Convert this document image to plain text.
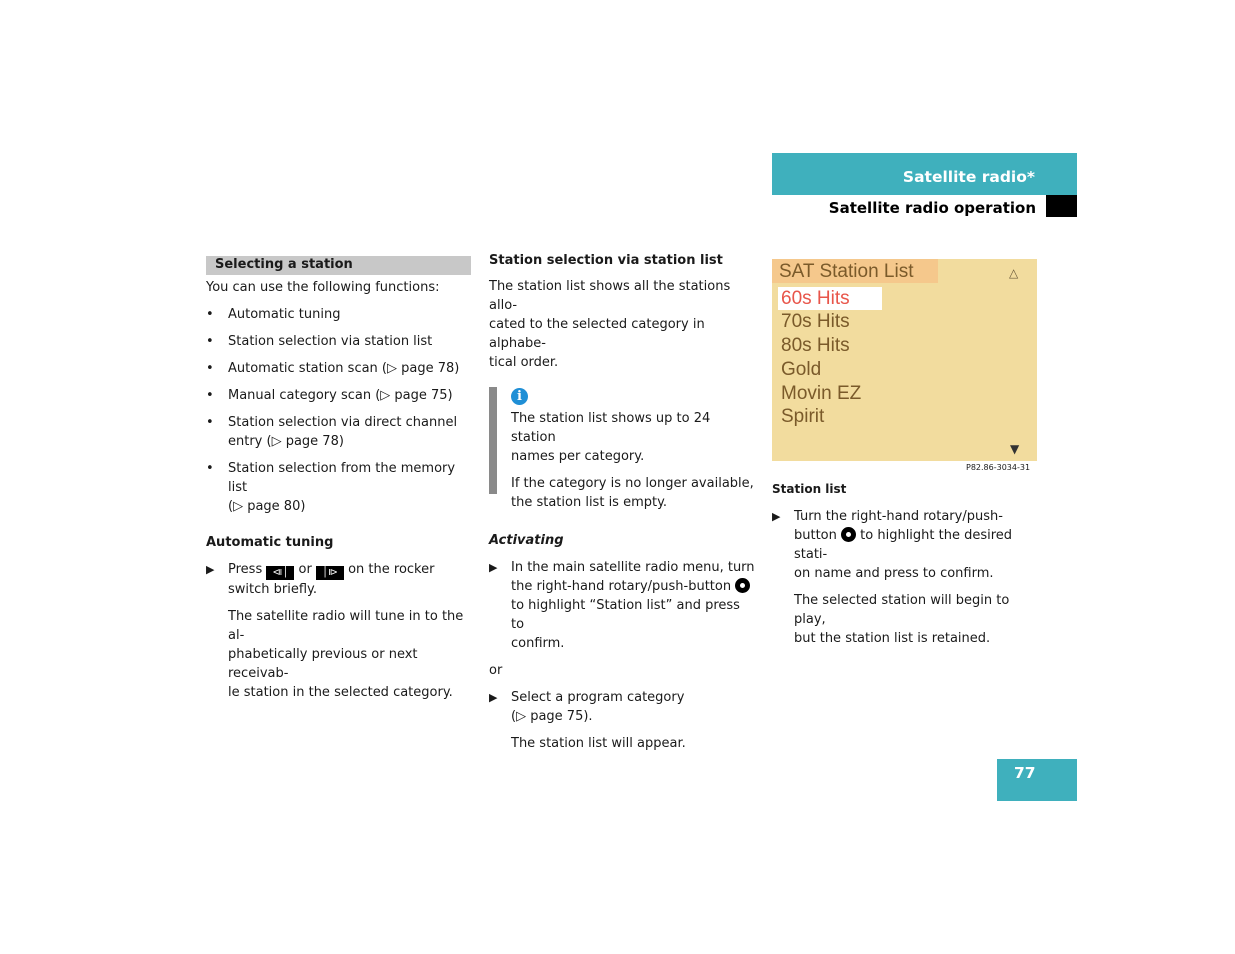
Satellite radio*
Satellite radio operation
Selecting a station

You can use the following functions:

• Automatic tuning
• Station selection via station list
• Automatic station scan (▷ page 78)
• Manual category scan (▷ page 75)
• Station selection via direct channel
entry (▷ page 78)
• Station selection from the memory list
(▷ page 80)
Automatic tuning
▶ Press ⧏│ or │⧐ on the rocker
switch briefly.
The satellite radio will tune in to the al-
phabetically previous or next receivab-
le station in the selected category.
Station selection via station list

The station list shows all the stations allo-
cated to the selected category in alphabe-
tical order.

i

The station list shows up to 24 station
names per category.

If the category is no longer available,
the station list is empty.

Activating
▶ In the main satellite radio menu, turn
the right-hand rotary/push-button
to highlight “Station list” and press to
confirm.
or
▶ Select a program category
(▷ page 75).
The station list will appear.
SAT Station List	△
60s Hits
70s Hits
80s Hits
Gold
Movin EZ
Spirit
▼
P82.86-3034-31
Station list
▶ Turn the right-hand rotary/push-
button to highlight the desired stati-
on name and press to confirm.
The selected station will begin to play,
but the station list is retained.
77
